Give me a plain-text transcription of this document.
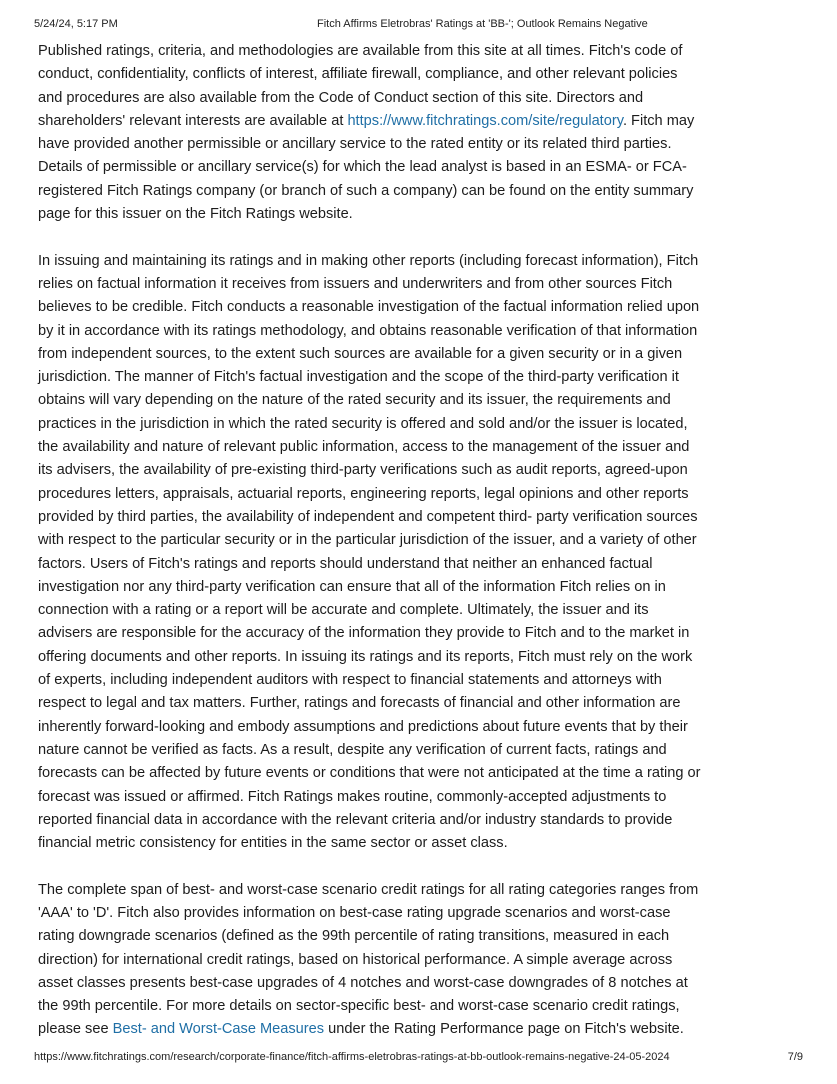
5/24/24, 5:17 PM	Fitch Affirms Eletrobras' Ratings at 'BB-'; Outlook Remains Negative

Published ratings, criteria, and methodologies are available from this site at all times. Fitch's code of conduct, confidentiality, conflicts of interest, affiliate firewall, compliance, and other relevant policies and procedures are also available from the Code of Conduct section of this site. Directors and shareholders' relevant interests are available at https://www.fitchratings.com/site/regulatory. Fitch may have provided another permissible or ancillary service to the rated entity or its related third parties. Details of permissible or ancillary service(s) for which the lead analyst is based in an ESMA- or FCA-registered Fitch Ratings company (or branch of such a company) can be found on the entity summary page for this issuer on the Fitch Ratings website.

In issuing and maintaining its ratings and in making other reports (including forecast information), Fitch relies on factual information it receives from issuers and underwriters and from other sources Fitch believes to be credible. Fitch conducts a reasonable investigation of the factual information relied upon by it in accordance with its ratings methodology, and obtains reasonable verification of that information from independent sources, to the extent such sources are available for a given security or in a given jurisdiction. The manner of Fitch's factual investigation and the scope of the third-party verification it obtains will vary depending on the nature of the rated security and its issuer, the requirements and practices in the jurisdiction in which the rated security is offered and sold and/or the issuer is located, the availability and nature of relevant public information, access to the management of the issuer and its advisers, the availability of pre-existing third-party verifications such as audit reports, agreed-upon procedures letters, appraisals, actuarial reports, engineering reports, legal opinions and other reports provided by third parties, the availability of independent and competent third- party verification sources with respect to the particular security or in the particular jurisdiction of the issuer, and a variety of other factors. Users of Fitch's ratings and reports should understand that neither an enhanced factual investigation nor any third-party verification can ensure that all of the information Fitch relies on in connection with a rating or a report will be accurate and complete. Ultimately, the issuer and its advisers are responsible for the accuracy of the information they provide to Fitch and to the market in offering documents and other reports. In issuing its ratings and its reports, Fitch must rely on the work of experts, including independent auditors with respect to financial statements and attorneys with respect to legal and tax matters. Further, ratings and forecasts of financial and other information are inherently forward-looking and embody assumptions and predictions about future events that by their nature cannot be verified as facts. As a result, despite any verification of current facts, ratings and forecasts can be affected by future events or conditions that were not anticipated at the time a rating or forecast was issued or affirmed. Fitch Ratings makes routine, commonly-accepted adjustments to reported financial data in accordance with the relevant criteria and/or industry standards to provide financial metric consistency for entities in the same sector or asset class.

The complete span of best- and worst-case scenario credit ratings for all rating categories ranges from 'AAA' to 'D'. Fitch also provides information on best-case rating upgrade scenarios and worst-case rating downgrade scenarios (defined as the 99th percentile of rating transitions, measured in each direction) for international credit ratings, based on historical performance. A simple average across asset classes presents best-case upgrades of 4 notches and worst-case downgrades of 8 notches at the 99th percentile. For more details on sector-specific best- and worst-case scenario credit ratings, please see Best- and Worst-Case Measures under the Rating Performance page on Fitch's website.

https://www.fitchratings.com/research/corporate-finance/fitch-affirms-eletrobras-ratings-at-bb-outlook-remains-negative-24-05-2024	7/9
